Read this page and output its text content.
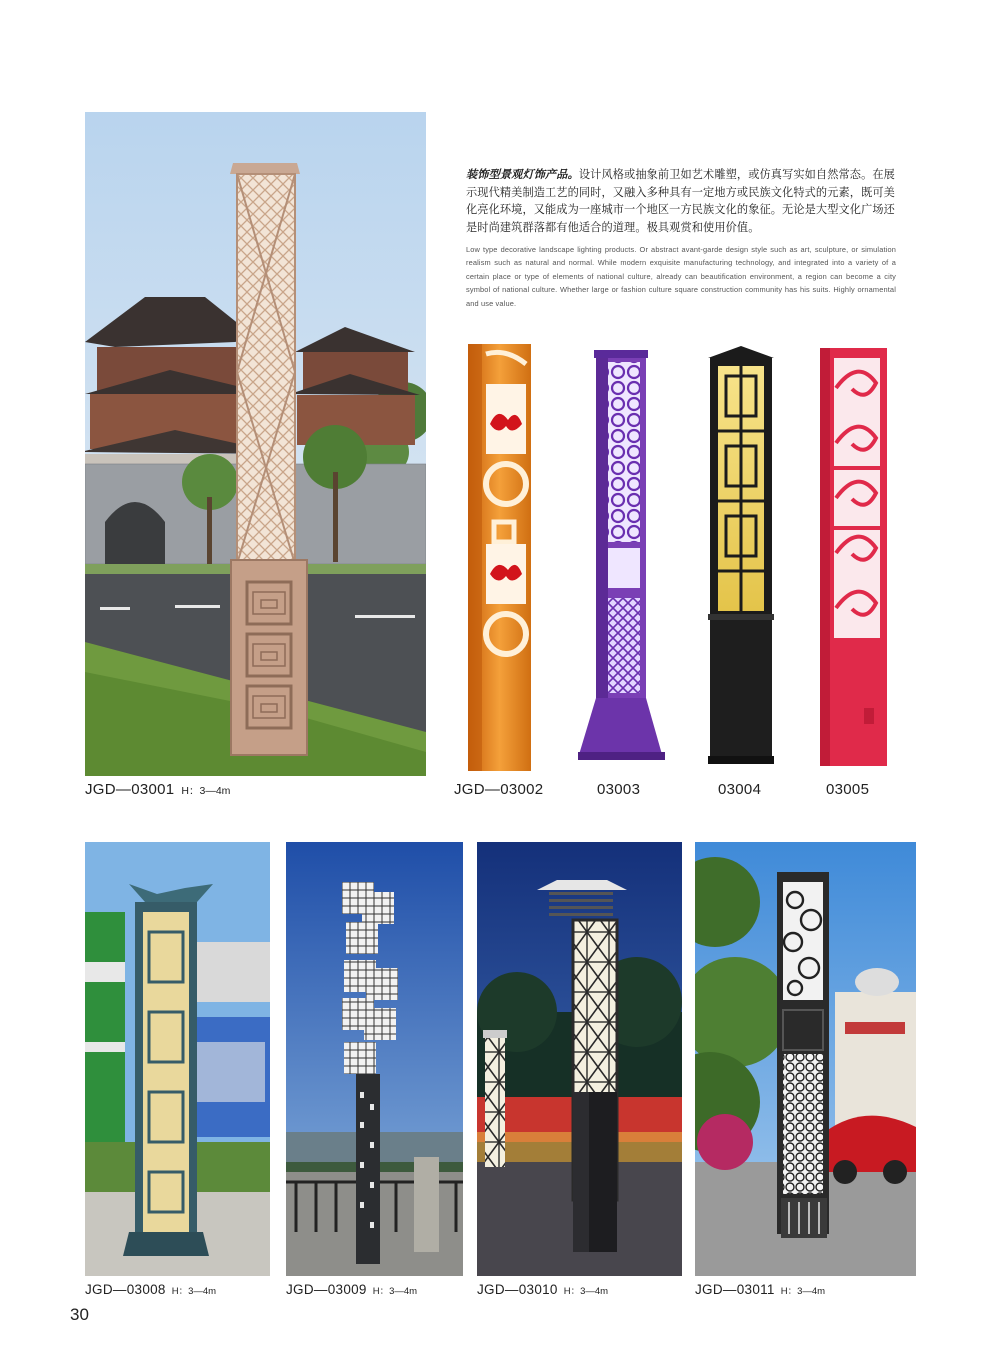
装饰型景观灯饰产品。设计风格或抽象前卫如艺术雕塑，或仿真写实如自然常态。在展示现代精美制造工艺的同时，又融入多种具有一定地方或民族文化特式的元素，既可美化亮化环境，又能成为一座城市一个地区一方民族文化的象征。无论是大型文化广场还是时尚建筑群落都有他适合的道理。极具观赏和使用价值。
Low type decorative landscape lighting products. Or abstract avant-garde design style such as art, sculpture, or simulation realism such as natural and normal. While modern exquisite manufacturing technology, and integrated into a variety of a certain place or type of elements of national culture, already can beautification environment, a region can become a city symbol of national culture. Whether large or fashion culture square construction community has his suits. Highly ornamental and use value.
JGD—03001 H：3—4m	JGD—03002	03003	03004	03005
JGD—03008 H：3—4m	JGD—03009 H：3—4m	JGD—03010 H：3—4m	JGD—03011 H：3—4m
30
